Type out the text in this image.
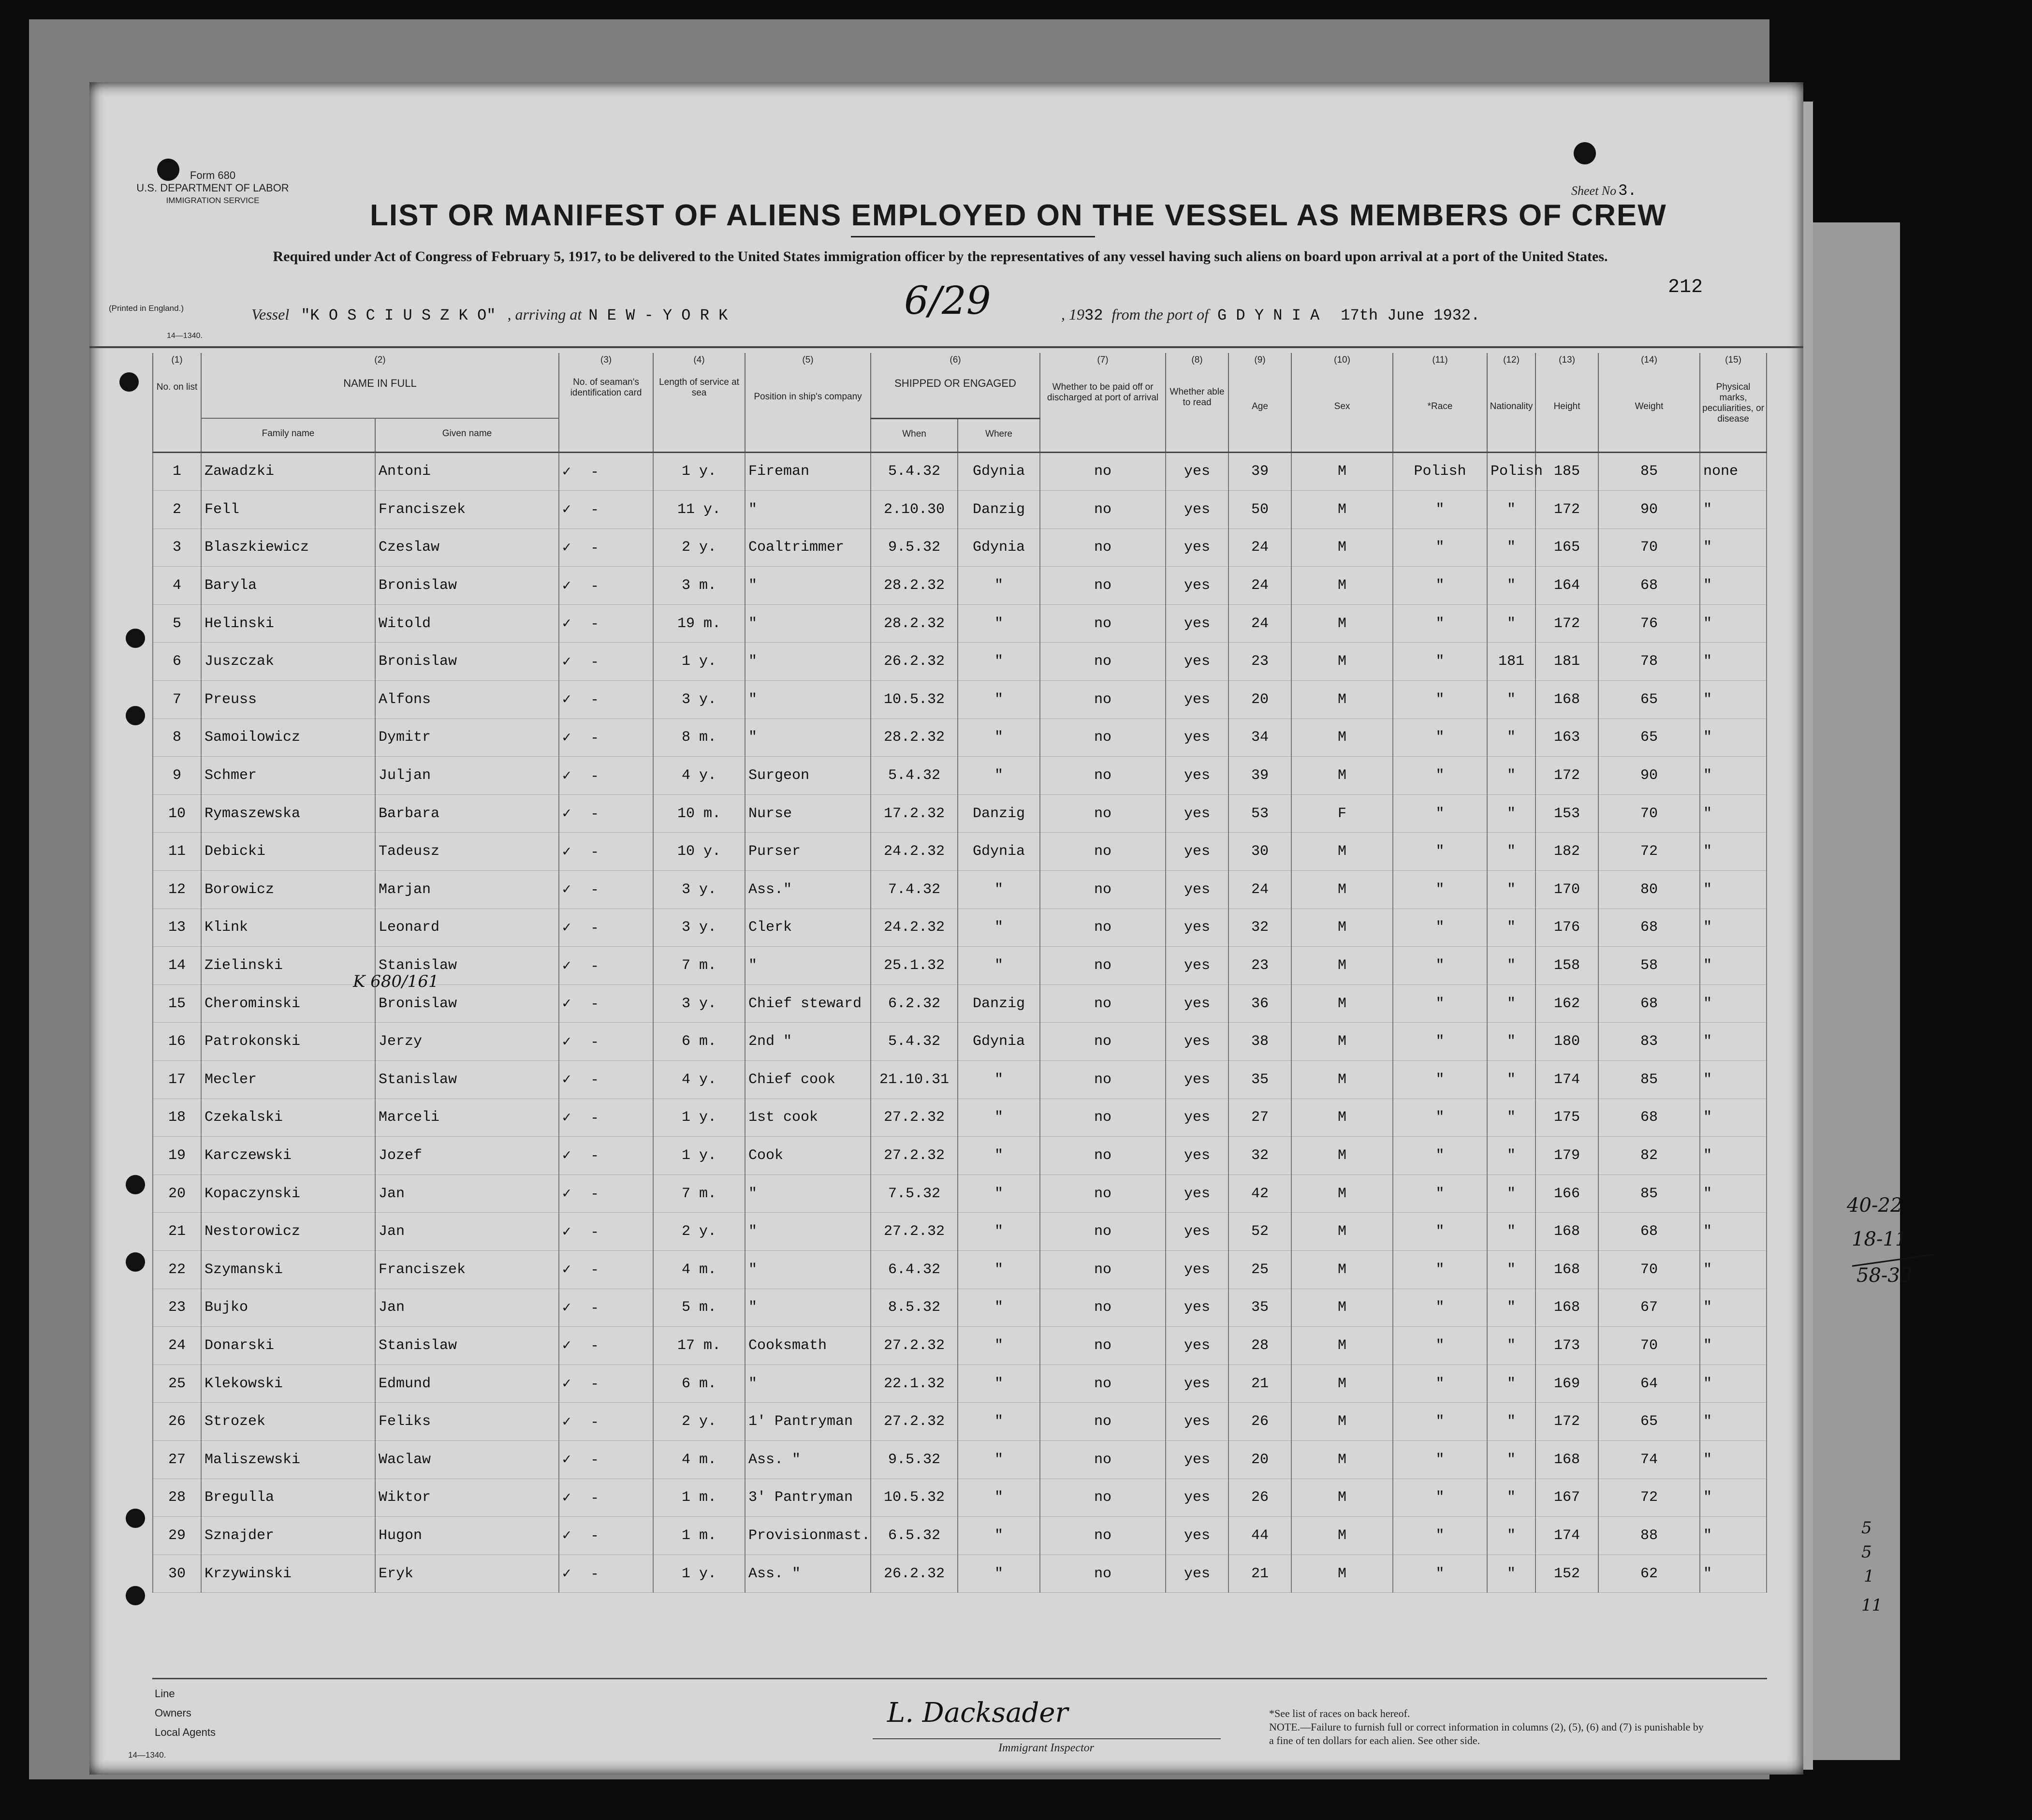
Form 680
U.S. DEPARTMENT OF LABOR
IMMIGRATION SERVICE
Sheet No 3.
LIST OR MANIFEST OF ALIENS EMPLOYED ON THE VESSEL AS MEMBERS OF CREW
Required under Act of Congress of February 5, 1917, to be delivered to the United States immigration officer by the representatives of any vessel having such aliens on board upon arrival at a port of the United States.
212
(Printed in England.)	Vessel "K O S C I U S Z K O" , arriving at N E W - Y O R K	6/29	, 1932 from the port of G D Y N I A 17th June 1932.
14—1340.
(1)	(2)		(3)	(4)	(5)	(6)		(7)	(8)	(9)	(10)	(11)	(12)	(13)	(14)	(15)
No. on list	NAME IN FULL		No. of seaman's identification card	Length of service at sea	Position in ship's company	SHIPPED OR ENGAGED		Whether to be paid off or discharged at port of arrival	Whether able to read	Age	Sex	*Race	Nationality	Height	Weight	Physical marks, peculiarities, or disease
	Family name	Given name				When	Where									
1	Zawadzki	Antoni	✓ -	1 y.	Fireman	5.4.32	Gdynia	no	yes	39	M	Polish	Polish	185	85	none
2	Fell	Franciszek	✓ -	11 y.	"	2.10.30	Danzig	no	yes	50	M	"	"	172	90	"
3	Blaszkiewicz	Czeslaw	✓ -	2 y.	Coaltrimmer	9.5.32	Gdynia	no	yes	24	M	"	"	165	70	"
4	Baryla	Bronislaw	✓ -	3 m.	"	28.2.32	"	no	yes	24	M	"	"	164	68	"
5	Helinski	Witold	✓ -	19 m.	"	28.2.32	"	no	yes	24	M	"	"	172	76	"
6	Juszczak	Bronislaw	✓ -	1 y.	"	26.2.32	"	no	yes	23	M	"	181	181	78	"
7	Preuss	Alfons	✓ -	3 y.	"	10.5.32	"	no	yes	20	M	"	"	168	65	"
8	Samoilowicz	Dymitr	✓ -	8 m.	"	28.2.32	"	no	yes	34	M	"	"	163	65	"
9	Schmer	Juljan	✓ -	4 y.	Surgeon	5.4.32	"	no	yes	39	M	"	"	172	90	"
10	Rymaszewska	Barbara	✓ -	10 m.	Nurse	17.2.32	Danzig	no	yes	53	F	"	"	153	70	"
11	Debicki	Tadeusz	✓ -	10 y.	Purser	24.2.32	Gdynia	no	yes	30	M	"	"	182	72	"
12	Borowicz	Marjan	✓ -	3 y.	Ass."	7.4.32	"	no	yes	24	M	"	"	170	80	"
13	Klink	Leonard	✓ -	3 y.	Clerk	24.2.32	"	no	yes	32	M	"	"	176	68	"
14	Zielinski	Stanislaw	✓ -	7 m.	"	25.1.32	"	no	yes	23	M	"	"	158	58	"
15	Cherominski	Bronislaw	✓ -	3 y.	Chief steward	6.2.32	Danzig	no	yes	36	M	"	"	162	68	"
16	Patrokonski	Jerzy	✓ -	6 m.	2nd "	5.4.32	Gdynia	no	yes	38	M	"	"	180	83	"
17	Mecler	Stanislaw	✓ -	4 y.	Chief cook	21.10.31	"	no	yes	35	M	"	"	174	85	"
18	Czekalski	Marceli	✓ -	1 y.	1st cook	27.2.32	"	no	yes	27	M	"	"	175	68	"
19	Karczewski	Jozef	✓ -	1 y.	Cook	27.2.32	"	no	yes	32	M	"	"	179	82	"
20	Kopaczynski	Jan	✓ -	7 m.	"	7.5.32	"	no	yes	42	M	"	"	166	85	"
21	Nestorowicz	Jan	✓ -	2 y.	"	27.2.32	"	no	yes	52	M	"	"	168	68	"
22	Szymanski	Franciszek	✓ -	4 m.	"	6.4.32	"	no	yes	25	M	"	"	168	70	"
23	Bujko	Jan	✓ -	5 m.	"	8.5.32	"	no	yes	35	M	"	"	168	67	"
24	Donarski	Stanislaw	✓ -	17 m.	Cooksmath	27.2.32	"	no	yes	28	M	"	"	173	70	"
25	Klekowski	Edmund	✓ -	6 m.	"	22.1.32	"	no	yes	21	M	"	"	169	64	"
26	Strozek	Feliks	✓ -	2 y.	1' Pantryman	27.2.32	"	no	yes	26	M	"	"	172	65	"
27	Maliszewski	Waclaw	✓ -	4 m.	Ass. "	9.5.32	"	no	yes	20	M	"	"	168	74	"
28	Bregulla	Wiktor	✓ -	1 m.	3' Pantryman	10.5.32	"	no	yes	26	M	"	"	167	72	"
29	Sznajder	Hugon	✓ -	1 m.	Provisionmast.	6.5.32	"	no	yes	44	M	"	"	174	88	"
30	Krzywinski	Eryk	✓ -	1 y.	Ass. "	26.2.32	"	no	yes	21	M	"	"	152	62	"
K 680/161
Line
Owners
Local Agents
14—1340.
L. Dacksader
Immigrant Inspector
*See list of races on back hereof.
NOTE.—Failure to furnish full or correct information in columns (2), (5), (6) and (7) is punishable by a fine of ten dollars for each alien. See other side.
40-22
18-11
58-33
5
5
1
11
